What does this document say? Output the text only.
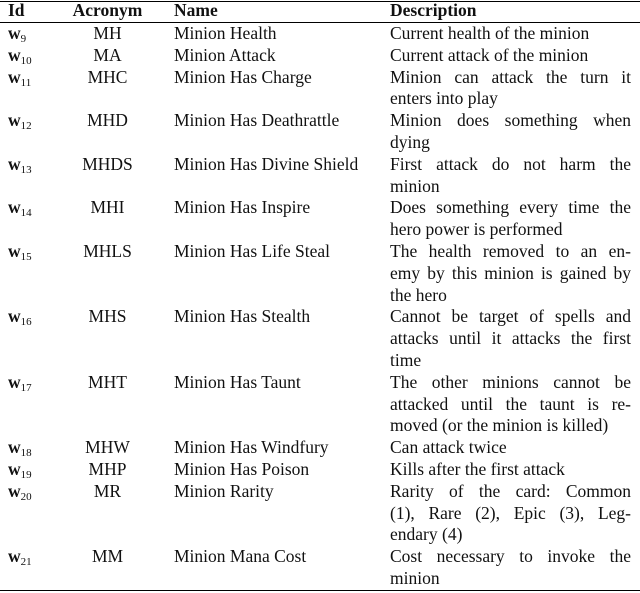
Id	Acronym	Name	Description
$w_9$	MH	Minion Health	Current health of the minion
$w_{10}$	MA	Minion Attack	Current attack of the minion
$w_{11}$	MHC	Minion Has Charge	Minion can attack the turn it
enters into play
$w_{12}$	MHD	Minion Has Deathrattle	Minion does something when
dying
$w_{13}$	MHDS	Minion Has Divine Shield	First attack do not harm the
minion
$w_{14}$	MHI	Minion Has Inspire	Does something every time the
hero power is performed
$w_{15}$	MHLS	Minion Has Life Steal	The health removed to an en-
emy by this minion is gained by
the hero
$w_{16}$	MHS	Minion Has Stealth	Cannot be target of spells and
attacks until it attacks the first
time
$w_{17}$	MHT	Minion Has Taunt	The other minions cannot be
attacked until the taunt is re-
moved (or the minion is killed)
$w_{18}$	MHW	Minion Has Windfury	Can attack twice
$w_{19}$	MHP	Minion Has Poison	Kills after the first attack
$w_{20}$	MR	Minion Rarity	Rarity of the card: Common
(1), Rare (2), Epic (3), Leg-
endary (4)
$w_{21}$	MM	Minion Mana Cost	Cost necessary to invoke the
minion
